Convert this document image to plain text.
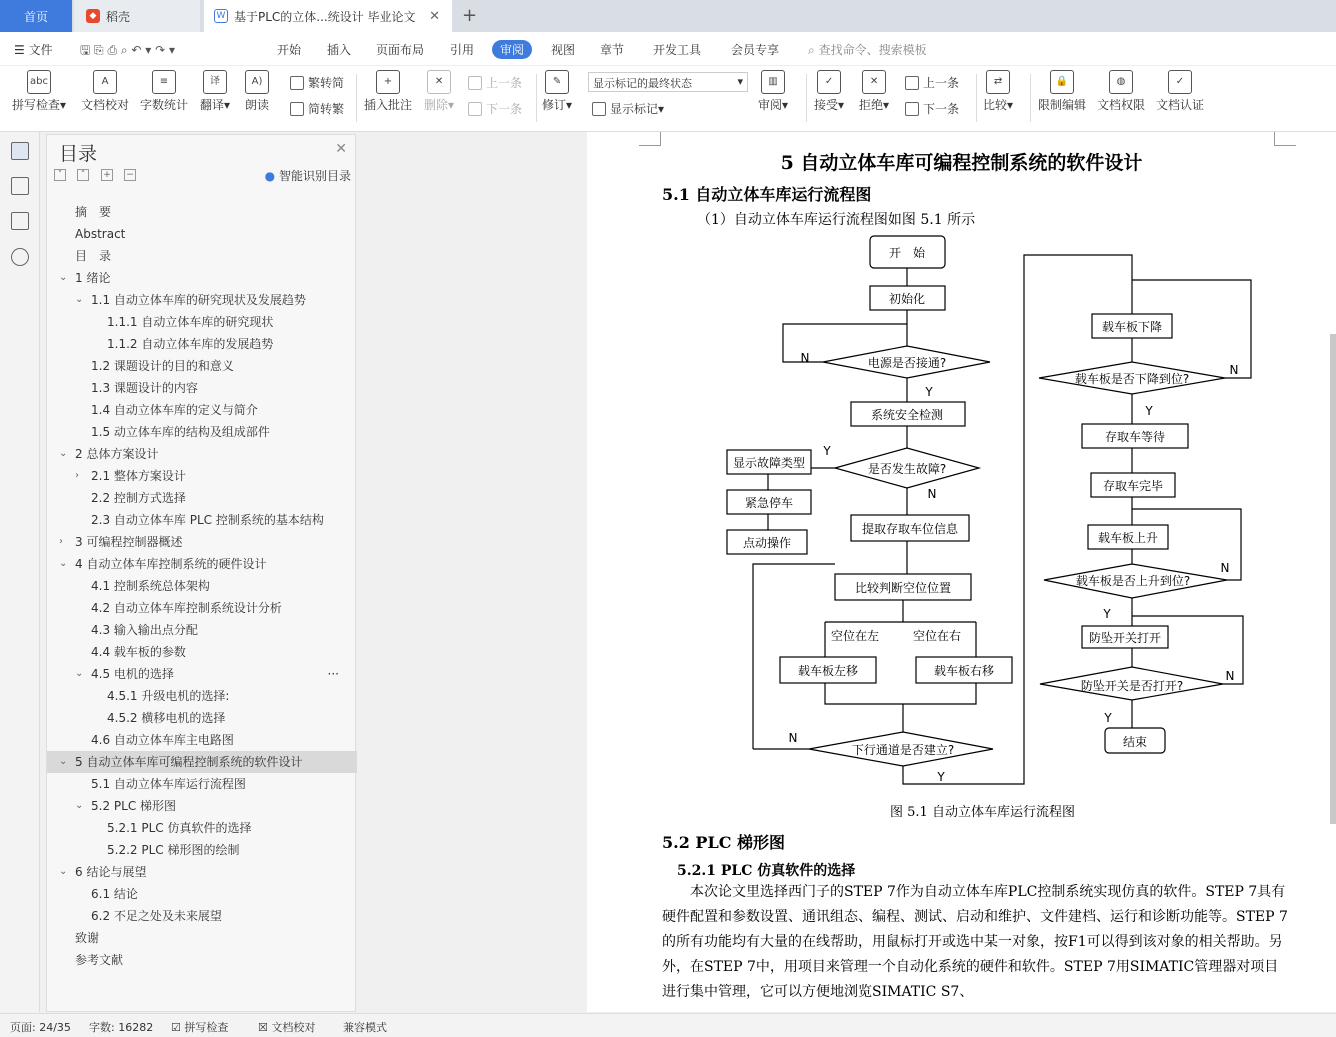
首页	◆ 稻壳	W 基于PLC的立体...统设计 毕业论文 ✕ +
☰ 文件 🖫 ⎘ ⎙ ⌕ ↶ ▾ ↷ ▾	开始 插入 页面布局 引用	审阅	视图 章节 开发工具 会员专享 ⌕ 查找命令、搜索模板
abc
拼写检查▾
A
文档校对
≡
字数统计
译
翻译▾
A)
朗读
繁转简
简转繁
+
插入批注
✕
删除▾
上一条
下一条
✎
修订▾
显示标记的最终状态	▾
显示标记 ▾
▥
审阅▾
✓
接受▾
✕
拒绝▾
上一条
下一条
⇄
比较▾
🔒
限制编辑
◍
文档权限
✓
文档认证
目录	✕
˅	˄	+ −	● 智能识别目录
摘　要
Abstract
目　录
⌄ 1 绪论
⌄ 1.1 自动立体车库的研究现状及发展趋势
1.1.1 自动立体车库的研究现状
1.1.2 自动立体车库的发展趋势
1.2 课题设计的目的和意义
1.3 课题设计的内容
1.4 自动立体车库的定义与简介
1.5 动立体车库的结构及组成部件
⌄ 2 总体方案设计
› 2.1 整体方案设计
2.2 控制方式选择
2.3 自动立体车库 PLC 控制系统的基本结构
› 3 可编程控制器概述
⌄ 4 自动立体车库控制系统的硬件设计
4.1 控制系统总体架构
4.2 自动立体车库控制系统设计分析
4.3 输入输出点分配
4.4 载车板的参数
⌄ 4.5 电机的选择	···
4.5.1 升级电机的选择:
4.5.2 横移电机的选择
4.6 自动立体车库主电路图
⌄ 5 自动立体车库可编程控制系统的软件设计
5.1 自动立体车库运行流程图
⌄ 5.2 PLC 梯形图
5.2.1 PLC 仿真软件的选择
5.2.2 PLC 梯形图的绘制
⌄ 6 结论与展望
6.1 结论
6.2 不足之处及未来展望
致谢
参考文献
5 自动立体车库可编程控制系统的软件设计
5.1 自动立体车库运行流程图
（1）自动立体车库运行流程图如图 5.1 所示
开　始
初始化
电源是否接通?
系统安全检测
是否发生故障?
显示故障类型
紧急停车
点动操作
提取存取车位信息
比较判断空位位置
空位在左	空位在右
载车板左移	载车板右移
下行通道是否建立?
载车板下降
载车板是否下降到位?
存取车等待
存取车完毕
载车板上升
载车板是否上升到位?
防坠开关打开
防坠开关是否打开?
结束
Y
N
Y
N
N
Y
N
Y
N
Y
N
Y
图 5.1 自动立体车库运行流程图
5.2 PLC 梯形图
5.2.1 PLC 仿真软件的选择
　　本次论文里选择西门子的STEP 7作为自动立体车库PLC控制系统实现仿真的软件。STEP 7具有硬件配置和参数设置、通讯组态、编程、测试、启动和维护、文件建档、运行和诊断功能等。STEP 7的所有功能均有大量的在线帮助，用鼠标打开或选中某一对象，按F1可以得到该对象的相关帮助。另外，在STEP 7中，用项目来管理一个自动化系统的硬件和软件。STEP 7用SIMATIC管理器对项目进行集中管理，它可以方便地浏览SIMATIC S7、
页面: 24/35 字数: 16282 ☑ 拼写检查	☒ 文档校对	兼容模式
